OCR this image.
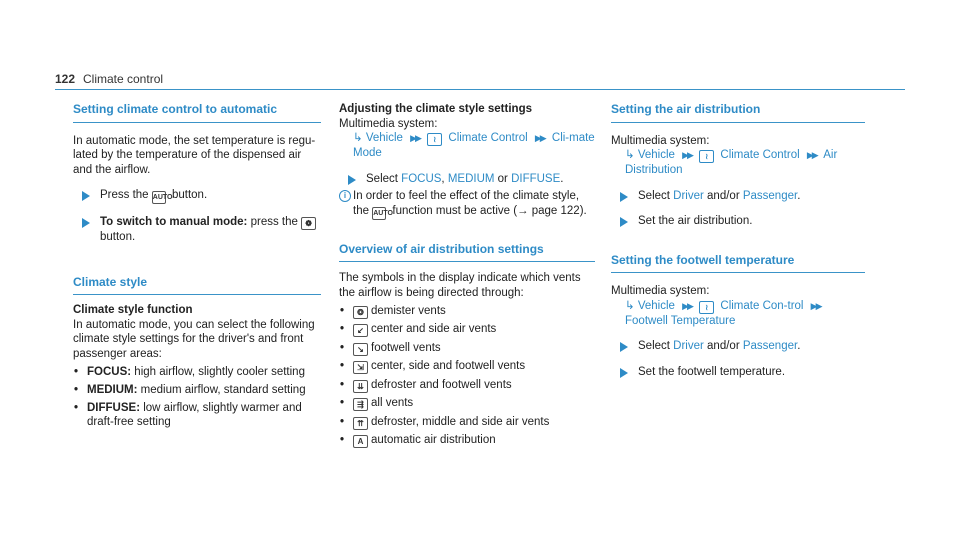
122 Climate control
Setting climate control to automatic

In automatic mode, the set temperature is regu-lated by the temperature of the dispensed air and the airflow.

Press the AUTO button.
To switch to manual mode: press the ❁
button.
Climate style

Climate style function

In automatic mode, you can select the following climate style settings for the driver's and front passenger areas:

• FOCUS: high airflow, slightly cooler setting
• MEDIUM: medium airflow, standard setting
• DIFFUSE: low airflow, slightly warmer and draft-free setting

Adjusting the climate style settings

Multimedia system:

↳ Vehicle ▶▶ ≀ Climate Control ▶▶ Cli-mate Mode

Select FOCUS, MEDIUM or DIFFUSE.
i In order to feel the effect of the climate style, the AUTO function must be active (→ page 122).
Overview of air distribution settings

The symbols in the display indicate which vents the airflow is being directed through:

• ❂ demister vents
• ↙ center and side air vents
• ↘ footwell vents
• ⇲ center, side and footwell vents
• ⇊ defroster and footwell vents
• ⇶ all vents
• ⇈ defroster, middle and side air vents
• A automatic air distribution
Setting the air distribution

Multimedia system:

↳ Vehicle ▶▶ ≀ Climate Control ▶▶ Air Distribution

Select Driver and/or Passenger.
Set the air distribution.
Setting the footwell temperature

Multimedia system:

↳ Vehicle ▶▶ ≀ Climate Con-trol ▶▶ Footwell Temperature

Select Driver and/or Passenger.
Set the footwell temperature.
